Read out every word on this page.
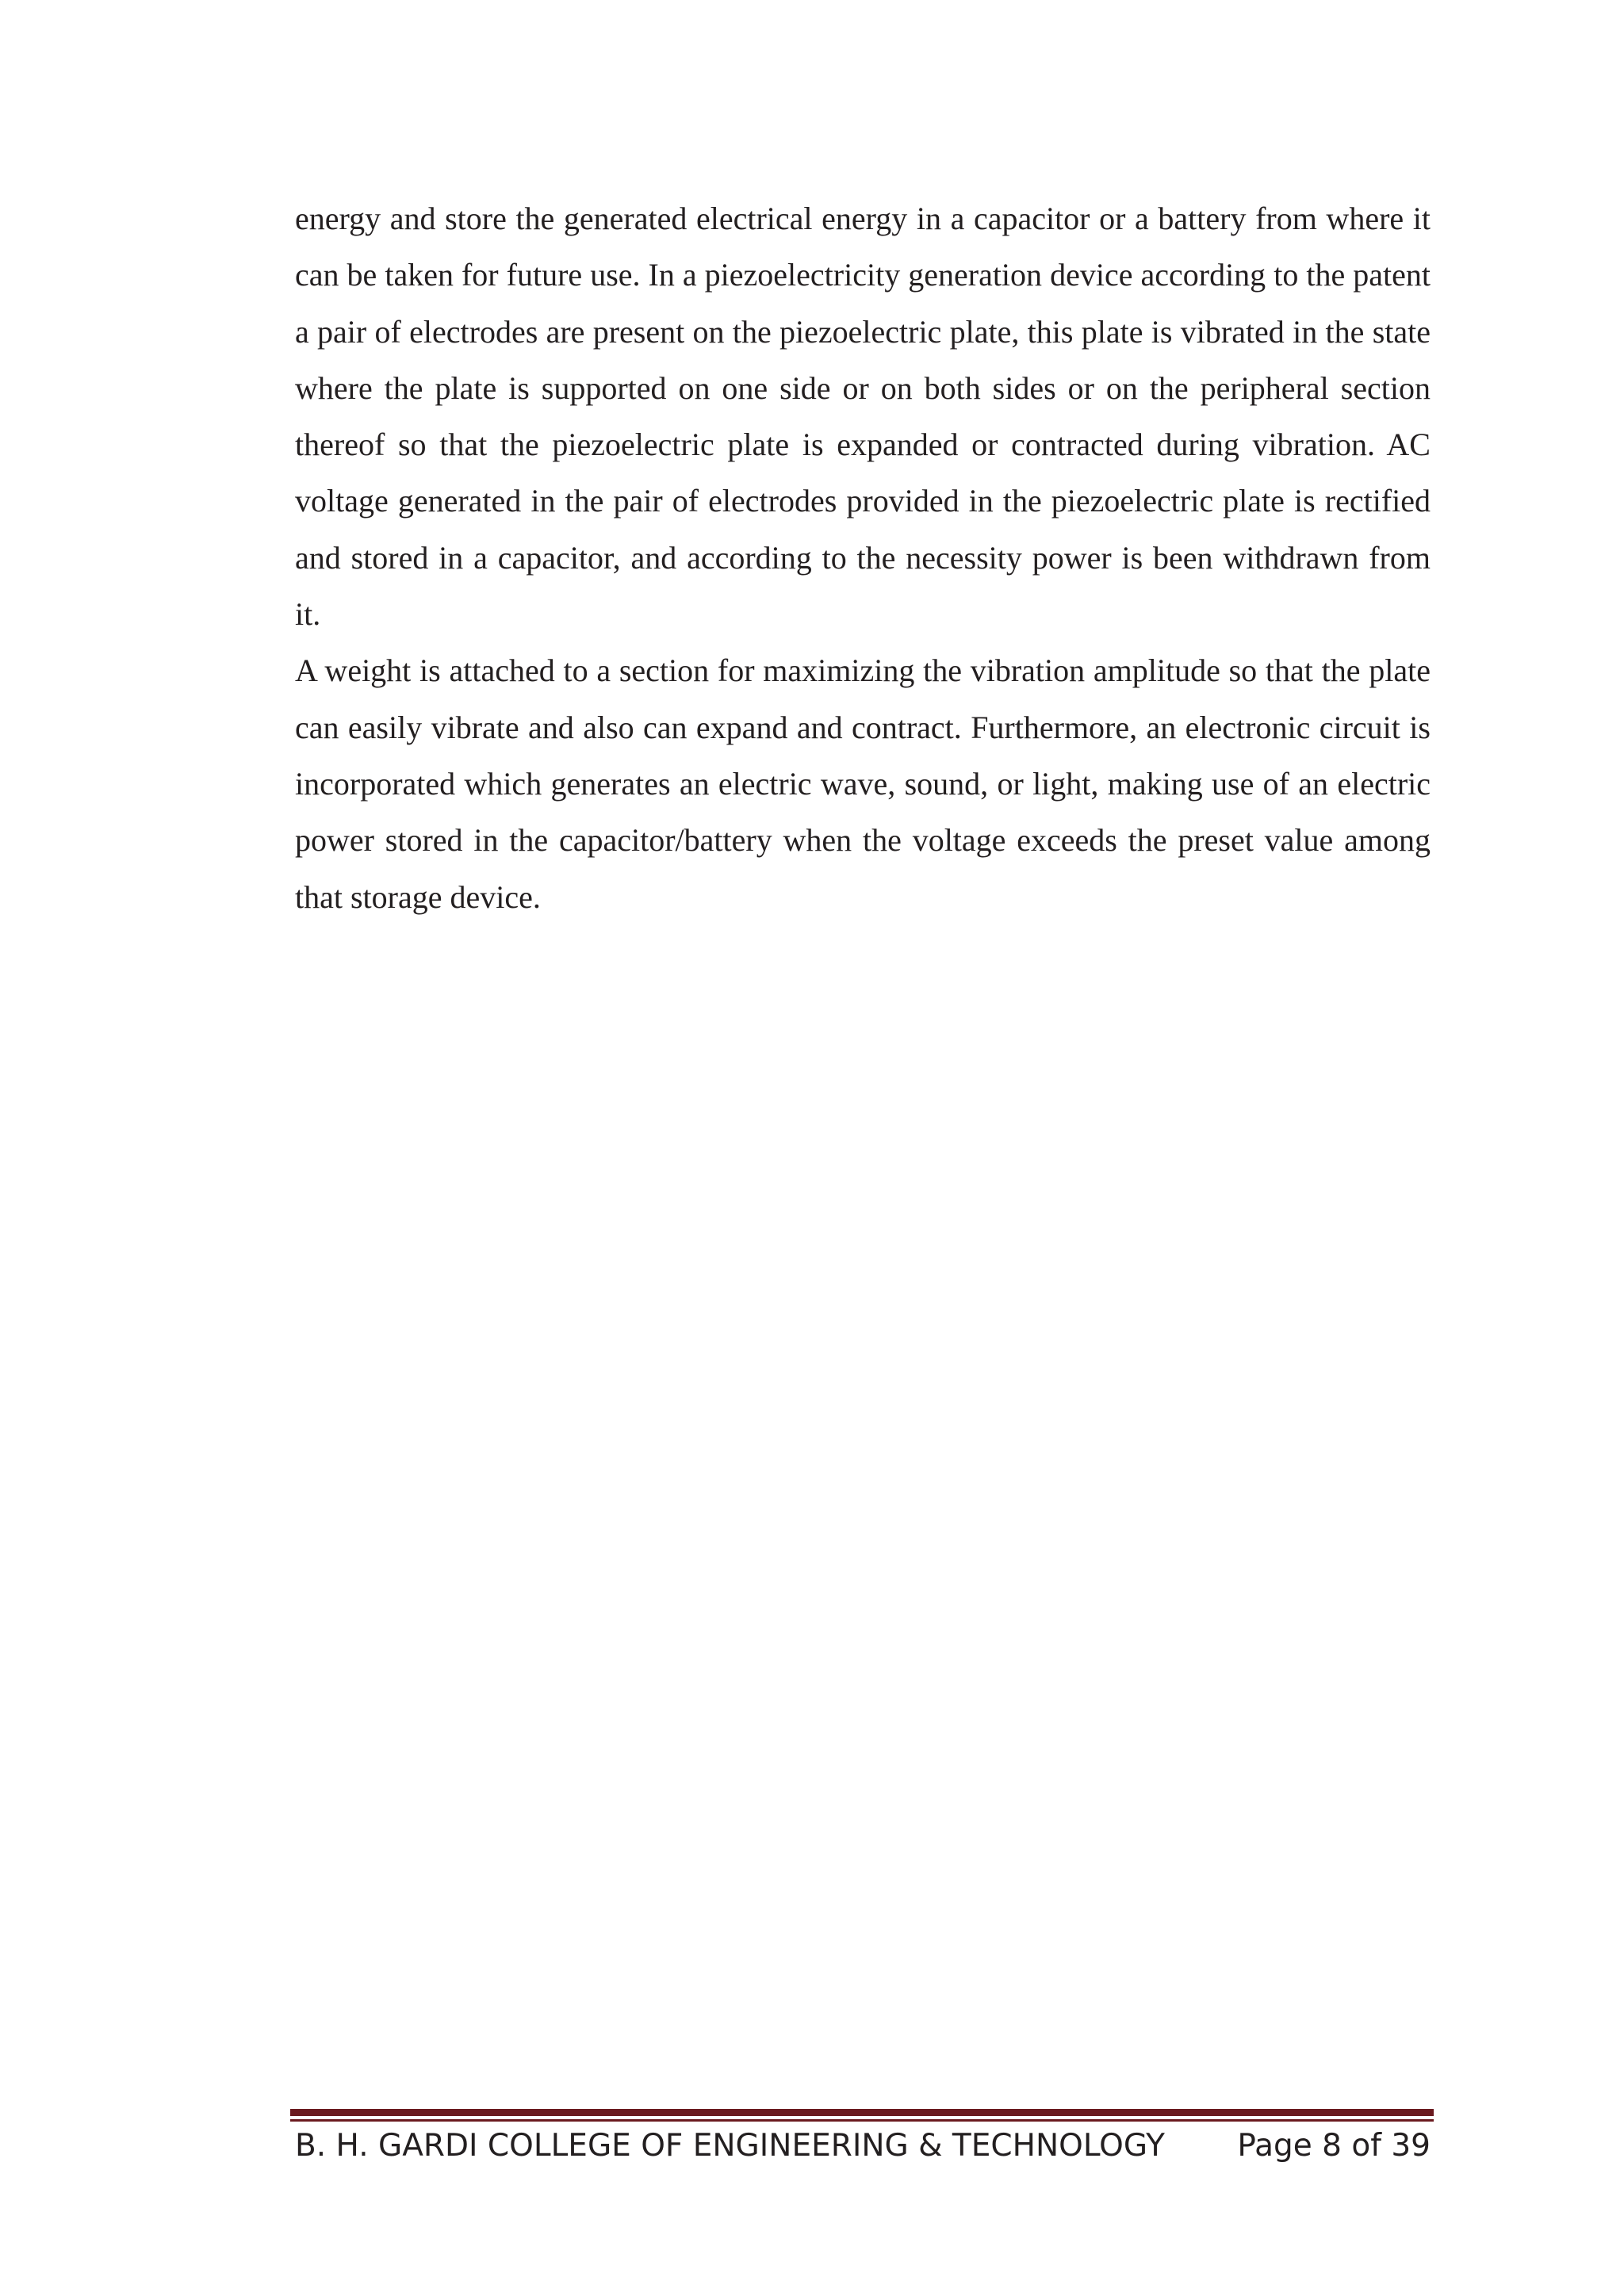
energy and store the generated electrical energy in a capacitor or a battery from where it can be taken for future use. In a piezoelectricity generation device according to the patent a pair of electrodes are present on the piezoelectric plate, this plate is vibrated in the state where the plate is supported on one side or on both sides or on the peripheral section thereof so that the piezoelectric plate is expanded or contracted during vibration. AC voltage generated in the pair of electrodes provided in the piezoelectric plate is rectified and stored in a capacitor, and according to the necessity power is been withdrawn from it.

A weight is attached to a section for maximizing the vibration amplitude so that the plate can easily vibrate and also can expand and contract. Furthermore, an electronic circuit is incorporated which generates an electric wave, sound, or light, making use of an electric power stored in the capacitor/battery when the voltage exceeds the preset value among that storage device.

B. H. GARDI COLLEGE OF ENGINEERING & TECHNOLOGY Page 8 of 39
